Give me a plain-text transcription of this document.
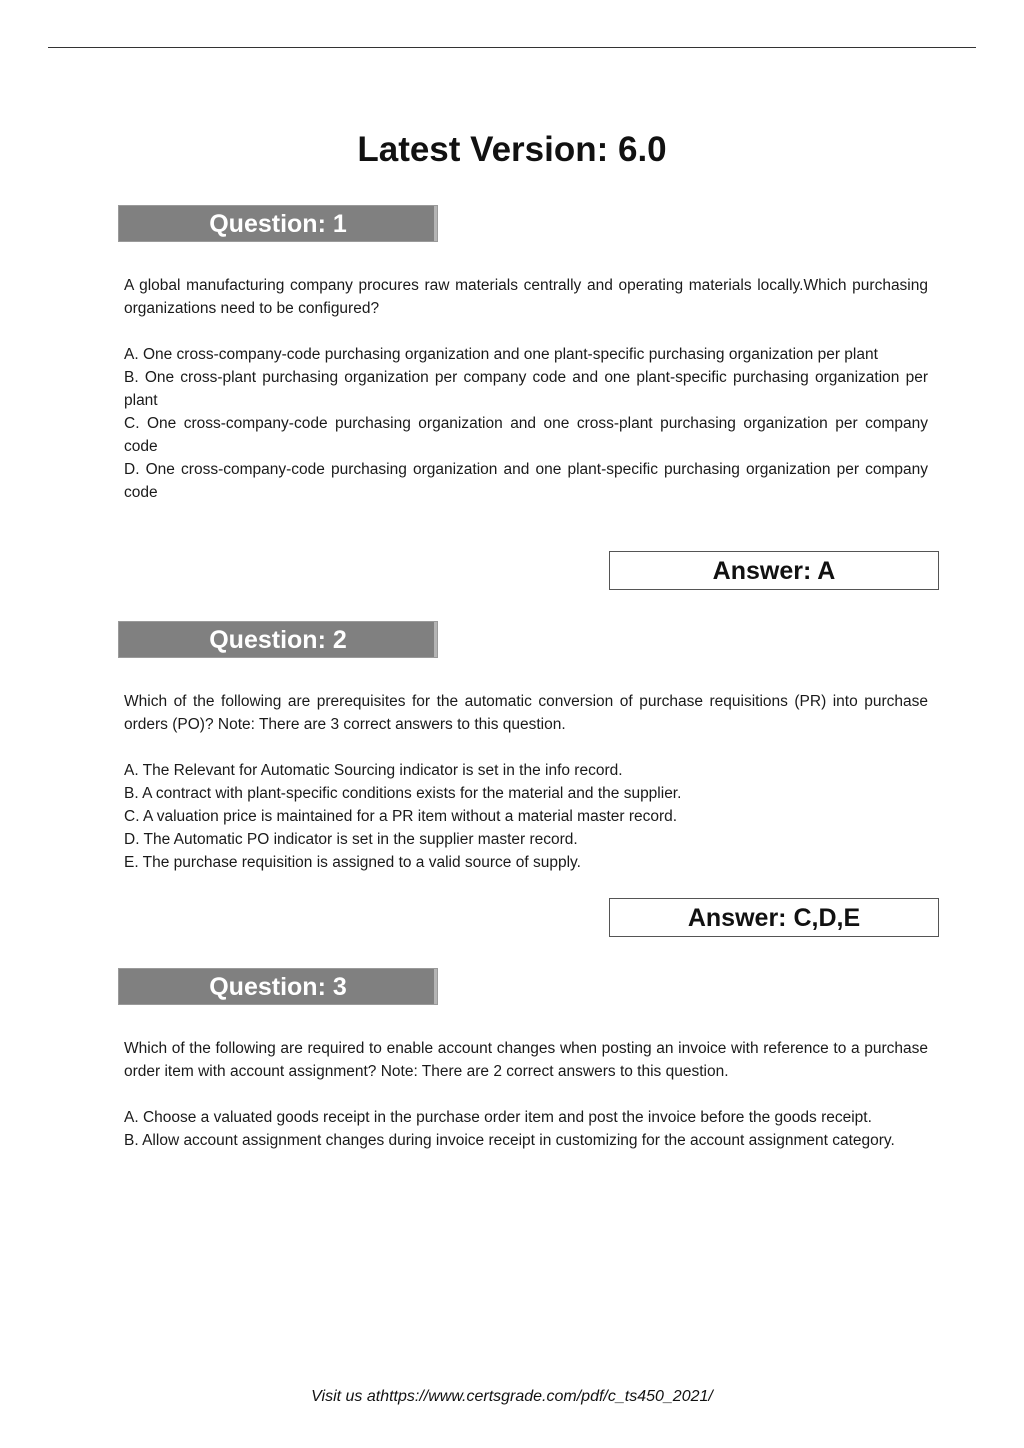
Latest Version: 6.0
Question: 1

A global manufacturing company procures raw materials centrally and operating materials locally.Which purchasing organizations need to be configured?

A. One cross-company-code purchasing organization and one plant-specific purchasing organization per plant

B. One cross-plant purchasing organization per company code and one plant-specific purchasing organization per plant

C. One cross-company-code purchasing organization and one cross-plant purchasing organization per company code

D. One cross-company-code purchasing organization and one plant-specific purchasing organization per company code

Answer: A
Question: 2

Which of the following are prerequisites for the automatic conversion of purchase requisitions (PR) into purchase orders (PO)? Note: There are 3 correct answers to this question.

A. The Relevant for Automatic Sourcing indicator is set in the info record.

B. A contract with plant-specific conditions exists for the material and the supplier.

C. A valuation price is maintained for a PR item without a material master record.

D. The Automatic PO indicator is set in the supplier master record.

E. The purchase requisition is assigned to a valid source of supply.

Answer: C,D,E
Question: 3

Which of the following are required to enable account changes when posting an invoice with reference to a purchase order item with account assignment? Note: There are 2 correct answers to this question.

A. Choose a valuated goods receipt in the purchase order item and post the invoice before the goods receipt.

B. Allow account assignment changes during invoice receipt in customizing for the account assignment category.

Visit us athttps://www.certsgrade.com/pdf/c_ts450_2021/
